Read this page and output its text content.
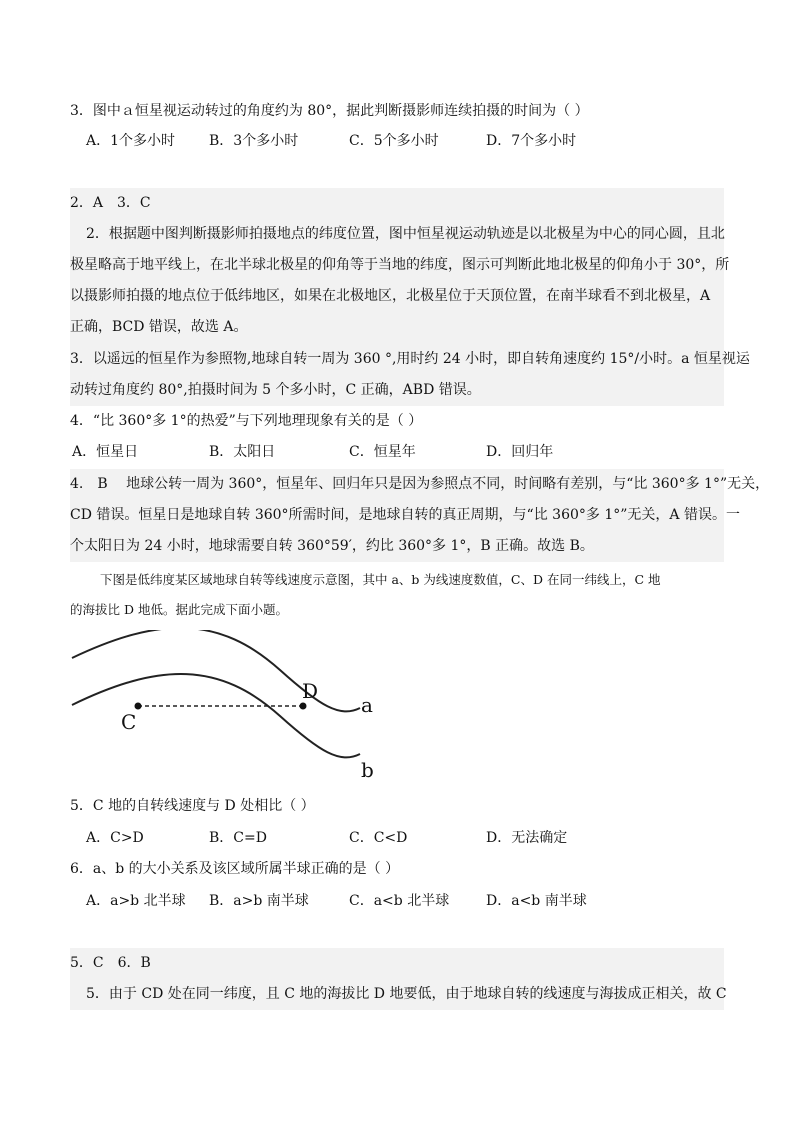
3．图中ａ恒星视运动转过的角度约为 80°，据此判断摄影师连续拍摄的时间为（ ）
A．1个多小时 B．3个多小时	C．5个多小时	D．7个多小时
2．A　3．C
2．根据题中图判断摄影师拍摄地点的纬度位置，图中恒星视运动轨迹是以北极星为中心的同心圆，且北
极星略高于地平线上，在北半球北极星的仰角等于当地的纬度，图示可判断此地北极星的仰角小于 30°，所
以摄影师拍摄的地点位于低纬地区，如果在北极地区，北极星位于天顶位置，在南半球看不到北极星，A
正确，BCD 错误，故选 A。
3．以遥远的恒星作为参照物,地球自转一周为 360 °,用时约 24 小时，即自转角速度约 15°/小时。a 恒星视运
动转过角度约 80°,拍摄时间为 5 个多小时，C 正确，ABD 错误。
4．“比 360°多 1°的热爱”与下列地理现象有关的是（ ）
A．恒星日	B．太阳日	C．恒星年	D．回归年
4.　B　 地球公转一周为 360°，恒星年、回归年只是因为参照点不同，时间略有差别，与“比 360°多 1°”无关，
CD 错误。恒星日是地球自转 360°所需时间，是地球自转的真正周期，与“比 360°多 1°”无关，A 错误。一
个太阳日为 24 小时，地球需要自转 360°59′，约比 360°多 1°，B 正确。故选 B。
下图是低纬度某区域地球自转等线速度示意图，其中 a、b 为线速度数值，C、D 在同一纬线上，C 地
的海拔比 D 地低。据此完成下面小题。
C
D
a
b
5．C 地的自转线速度与 D 处相比（ ）
A．C>D	B．C=D	C．C<D	D．无法确定
6．a、b 的大小关系及该区域所属半球正确的是（ ）
A．a>b 北半球 B．a>b 南半球	C．a<b 北半球	D．a<b 南半球
5．C　6．B
5．由于 CD 处在同一纬度，且 C 地的海拔比 D 地要低，由于地球自转的线速度与海拔成正相关，故 C
